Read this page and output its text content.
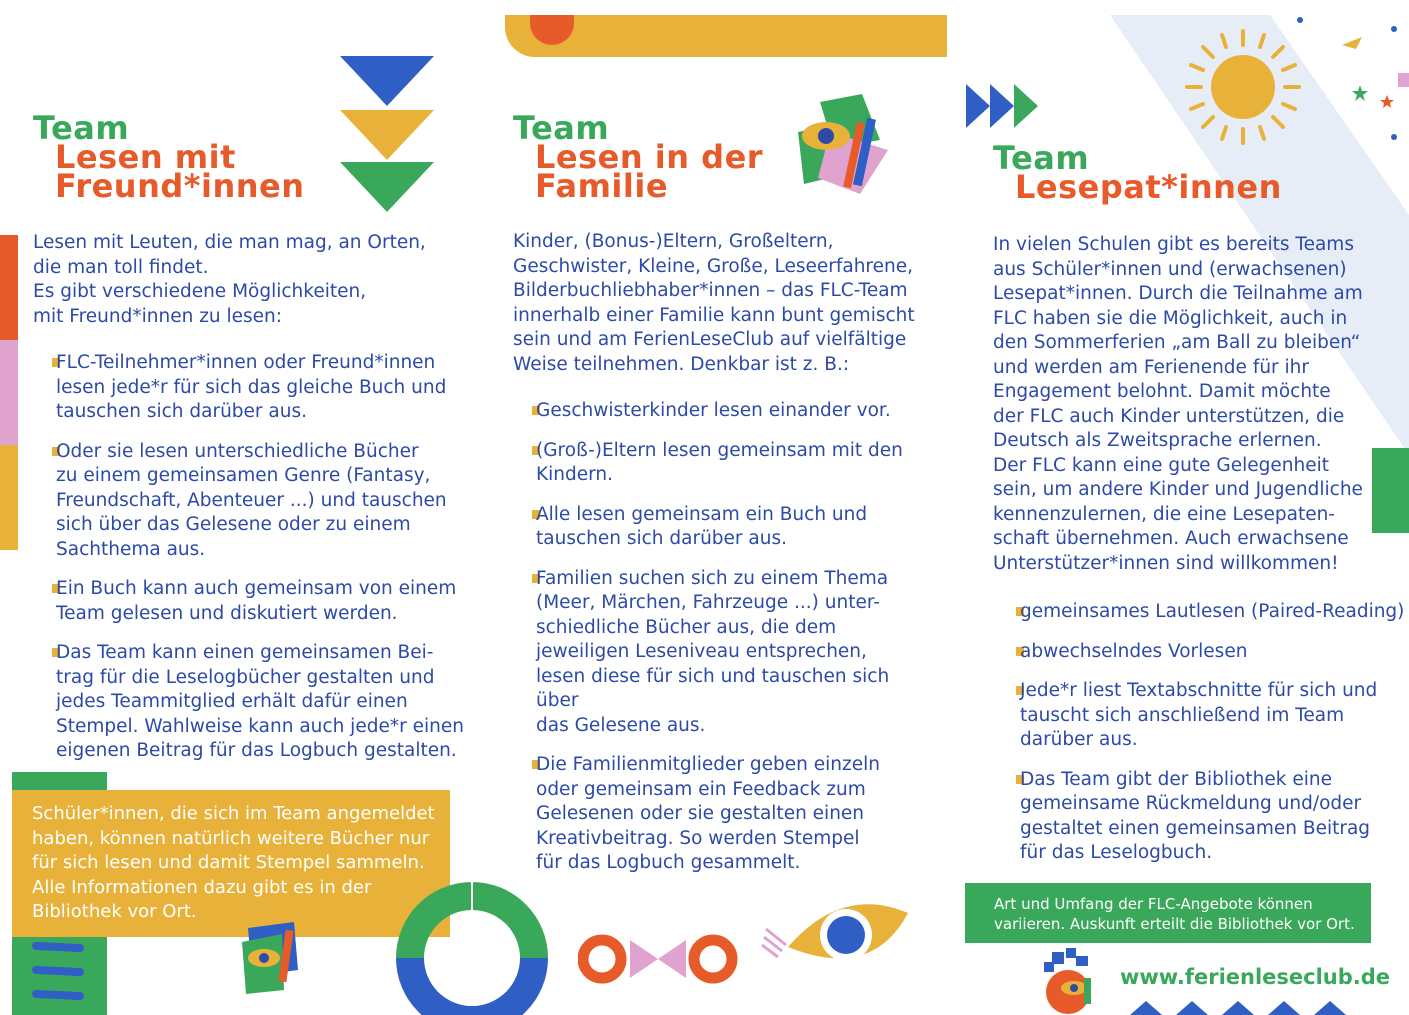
Team
Lesen mit
Freund*innen

Lesen mit Leuten, die man mag, an Orten,

die man toll findet.

Es gibt verschiedene Möglichkeiten,

mit Freund*innen zu lesen:

FLC-Teilnehmer*innen oder Freund*innen
lesen jede*r für sich das gleiche Buch und
tauschen sich darüber aus.
Oder sie lesen unterschiedliche Bücher
zu einem gemeinsamen Genre (Fantasy,
Freundschaft, Abenteuer ...) und tauschen
sich über das Gelesene oder zu einem
Sachthema aus.
Ein Buch kann auch gemeinsam von einem
Team gelesen und diskutiert werden.
Das Team kann einen gemeinsamen Bei-
trag für die Leselogbücher gestalten und
jedes Teammitglied erhält dafür einen
Stempel. Wahlweise kann auch jede*r einen
eigenen Beitrag für das Logbuch gestalten.
Schüler*innen, die sich im Team angemeldet
haben, können natürlich weitere Bücher nur
für sich lesen und damit Stempel sammeln.
Alle Informationen dazu gibt es in der
Bibliothek vor Ort.
Team
Lesen in der
Familie

Kinder, (Bonus-)Eltern, Großeltern,

Geschwister, Kleine, Große, Leseerfahrene,

Bilderbuchliebhaber*innen – das FLC-Team

innerhalb einer Familie kann bunt gemischt

sein und am FerienLeseClub auf vielfältige

Weise teilnehmen. Denkbar ist z. B.:

Geschwisterkinder lesen einander vor.
(Groß-)Eltern lesen gemeinsam mit den
Kindern.
Alle lesen gemeinsam ein Buch und
tauschen sich darüber aus.
Familien suchen sich zu einem Thema
(Meer, Märchen, Fahrzeuge ...) unter-
schiedliche Bücher aus, die dem
jeweiligen Leseniveau entsprechen,
lesen diese für sich und tauschen sich über
das Gelesene aus.
Die Familienmitglieder geben einzeln
oder gemeinsam ein Feedback zum
Gelesenen oder sie gestalten einen
Kreativbeitrag. So werden Stempel
für das Logbuch gesammelt.
Team
Lesepat*innen

In vielen Schulen gibt es bereits Teams

aus Schüler*innen und (erwachsenen)

Lesepat*innen. Durch die Teilnahme am

FLC haben sie die Möglichkeit, auch in

den Sommerferien „am Ball zu bleiben“

und werden am Ferienende für ihr

Engagement belohnt. Damit möchte

der FLC auch Kinder unterstützen, die

Deutsch als Zweitsprache erlernen.

Der FLC kann eine gute Gelegenheit

sein, um andere Kinder und Jugendliche

kennenzulernen, die eine Lesepaten-

schaft übernehmen. Auch erwachsene

Unterstützer*innen sind willkommen!

gemeinsames Lautlesen (Paired-Reading)
abwechselndes Vorlesen
Jede*r liest Textabschnitte für sich und
tauscht sich anschließend im Team
darüber aus.
Das Team gibt der Bibliothek eine
gemeinsame Rückmeldung und/oder
gestaltet einen gemeinsamen Beitrag
für das Leselogbuch.
Art und Umfang der FLC-Angebote können
variieren. Auskunft erteilt die Bibliothek vor Ort.
www.ferienleseclub.de
